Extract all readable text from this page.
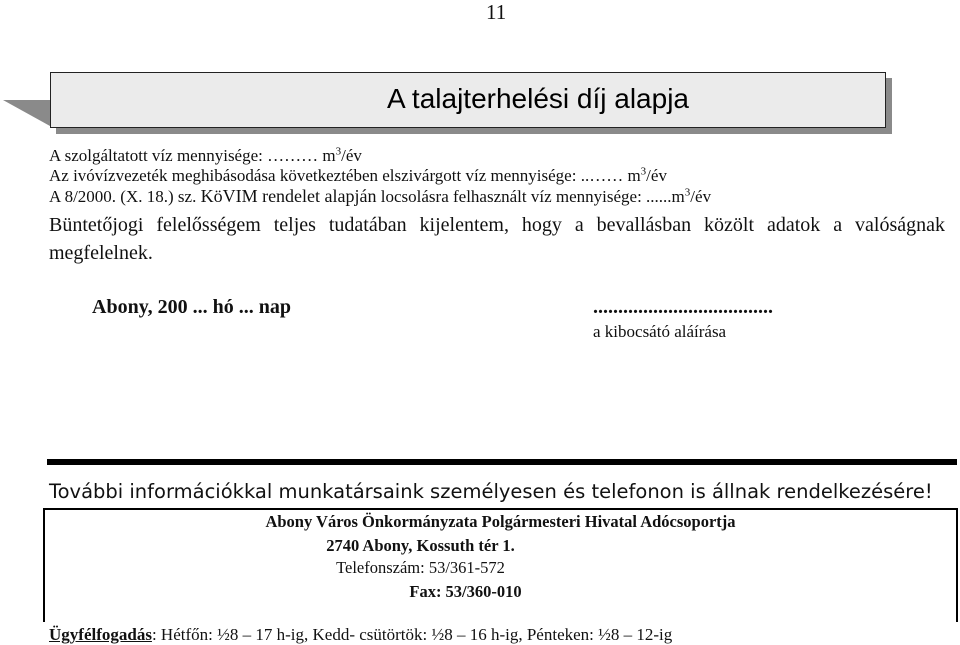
11
A talajterhelési díj alapja
A szolgáltatott víz mennyisége: ……… $m^3/év$
Az ivóvízvezeték meghibásodása következtében elszivárgott víz mennyisége: ..…… $m^3/év$
A 8/2000. (X. 18.) sz. KöVIM rendelet alapján locsolásra felhasznált víz mennyisége: $......m^3/év$
Büntetőjogi felelősségem teljes tudatában kijelentem, hogy a bevallásban közölt adatok a valóságnak megfelelnek.
Abony, 200 ... hó ... nap	....................................
a kibocsátó aláírása
További információkkal munkatársaink személyesen és telefonon is állnak rendelkezésére!
Abony Város Önkormányzata Polgármesteri Hivatal Adócsoportja
2740 Abony, Kossuth tér 1.
Telefonszám: 53/361-572
Fax: 53/360-010
Ügyfélfogadás: Hétfőn: ½8 – 17 h-ig, Kedd- csütörtök: ½8 – 16 h-ig, Pénteken: ½8 – 12-ig
